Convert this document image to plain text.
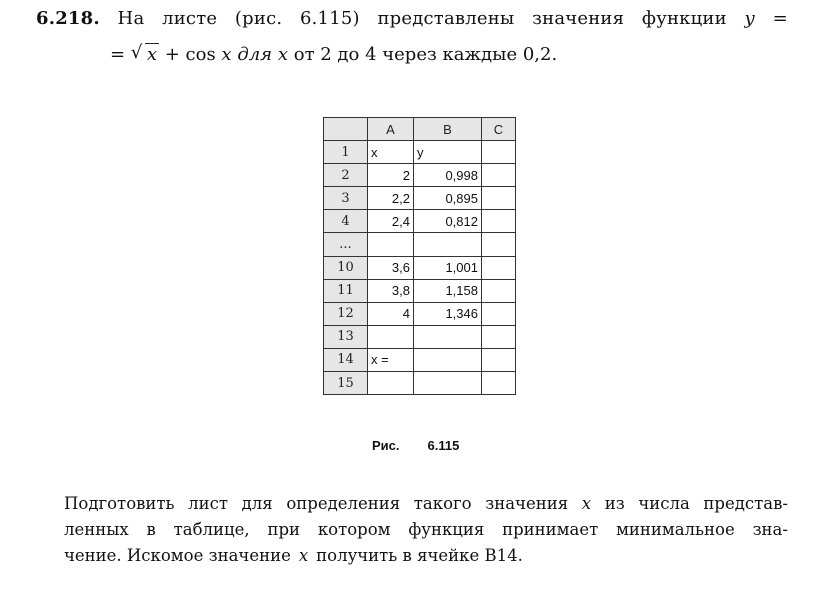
6.218. На листе (рис. 6.115) представлены значения функции y =
= √ x + cos x для x от 2 до 4 через каждые 0,2.
	A	B	C
1	x	y	
2	2	0,998	
3	2,2	0,895	
4	2,4	0,812	
...			
10	3,6	1,001	
11	3,8	1,158	
12	4	1,346	
13			
14	x =		
15			
Рис. 6.115
Подготовить лист для определения такого значения x из числа представ-
ленных в таблице, при котором функция принимает минимальное зна-
чение. Искомое значение x получить в ячейке В14.
